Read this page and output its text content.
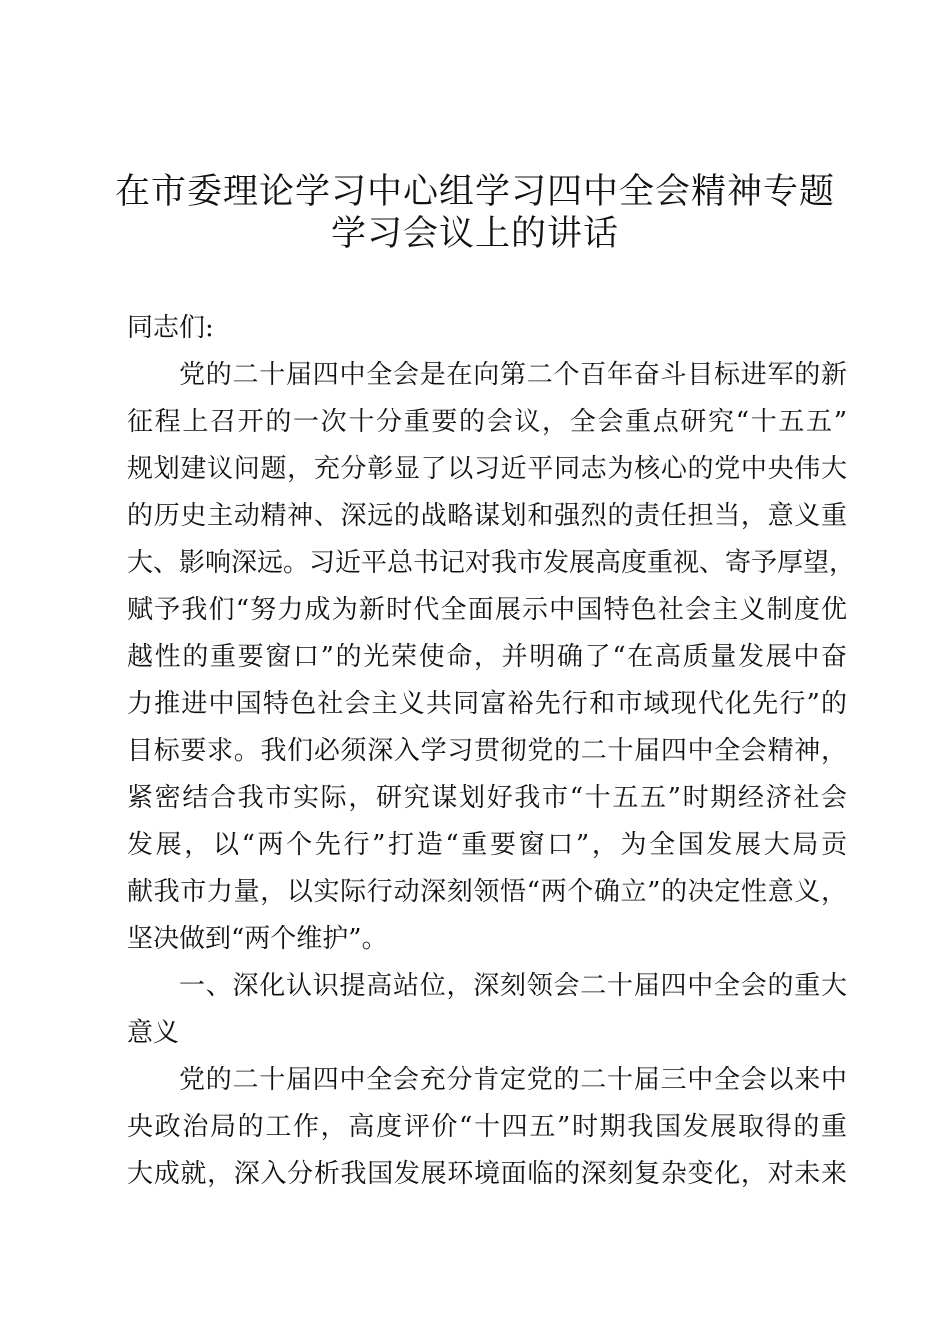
在市委理论学习中心组学习四中全会精神专题
学习会议上的讲话
同志们:
党的二十届四中全会是在向第二个百年奋斗目标进军的新
征程上召开的一次十分重要的会议，全会重点研究“十五五”
规划建议问题，充分彰显了以习近平同志为核心的党中央伟大
的历史主动精神、深远的战略谋划和强烈的责任担当，意义重
大、影响深远。习近平总书记对我市发展高度重视、寄予厚望，
赋予我们“努力成为新时代全面展示中国特色社会主义制度优
越性的重要窗口”的光荣使命，并明确了“在高质量发展中奋
力推进中国特色社会主义共同富裕先行和市域现代化先行”的
目标要求。我们必须深入学习贯彻党的二十届四中全会精神，
紧密结合我市实际，研究谋划好我市“十五五”时期经济社会
发展，以“两个先行”打造“重要窗口”，为全国发展大局贡
献我市力量，以实际行动深刻领悟“两个确立”的决定性意义，
坚决做到“两个维护”。
一、深化认识提高站位，深刻领会二十届四中全会的重大
意义
党的二十届四中全会充分肯定党的二十届三中全会以来中
央政治局的工作，高度评价“十四五”时期我国发展取得的重
大成就，深入分析我国发展环境面临的深刻复杂变化，对未来
